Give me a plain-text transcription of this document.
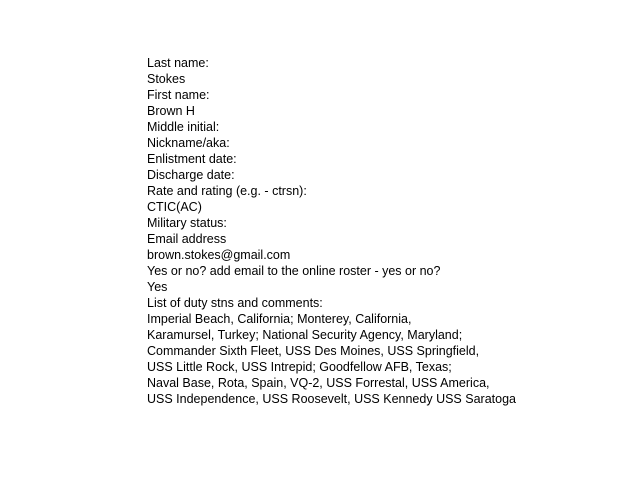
Last name:

Stokes

First name:

Brown H

Middle initial:

Nickname/aka:

Enlistment date:

Discharge date:

Rate and rating (e.g. - ctrsn):

CTIC(AC)

Military status:

Email address

brown.stokes@gmail.com

Yes or no? add email to the online roster - yes or no?

Yes

List of duty stns and comments:

Imperial Beach, California; Monterey, California,

Karamursel, Turkey; National Security Agency, Maryland;

Commander Sixth Fleet, USS Des Moines, USS Springfield,

USS Little Rock, USS Intrepid; Goodfellow AFB, Texas;

Naval Base, Rota, Spain, VQ-2, USS Forrestal, USS America,

USS Independence, USS Roosevelt, USS Kennedy USS Saratoga
